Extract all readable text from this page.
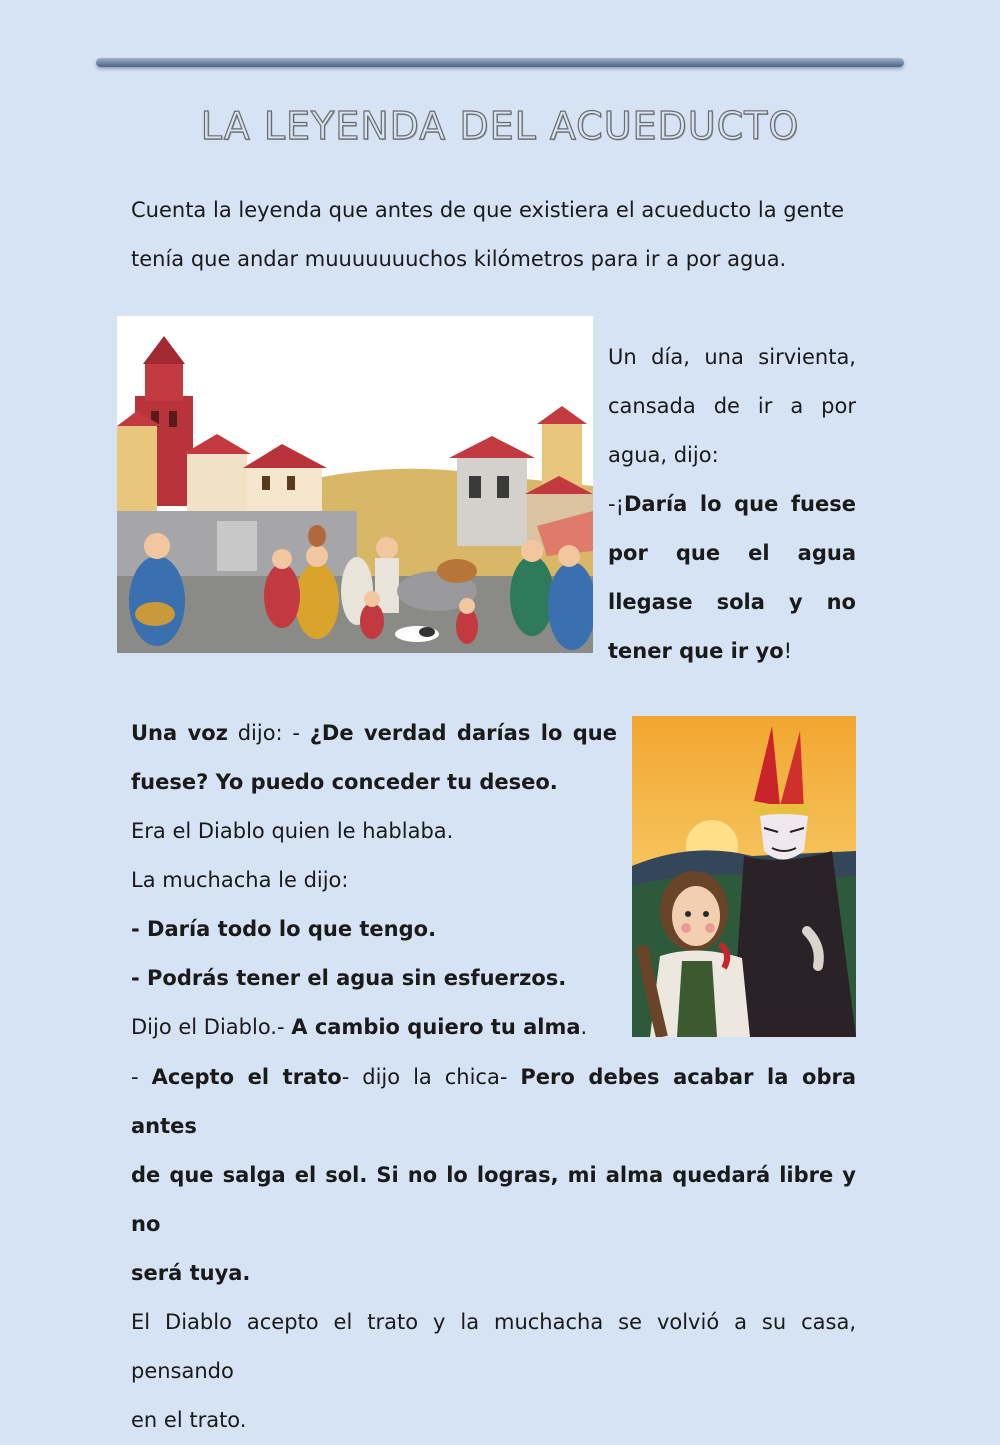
LA LEYENDA DEL ACUEDUCTO

Cuenta la leyenda que antes de que existiera el acueducto la gente
tenía que andar muuuuuuuchos kilómetros para ir a por agua.

Un día, una sirvienta,
cansada de ir a por
agua, dijo:
-¡Daría lo que fuese
por que el agua
llegase sola y no
tener que ir yo!

Una voz dijo: - ¿De verdad darías lo que
fuese? Yo puedo conceder tu deseo.
Era el Diablo quien le hablaba.
La muchacha le dijo:
- Daría todo lo que tengo.
- Podrás tener el agua sin esfuerzos.
Dijo el Diablo.- A cambio quiero tu alma.

- Acepto el trato- dijo la chica- Pero debes acabar la obra antes
de que salga el sol. Si no lo logras, mi alma quedará libre y no
será tuya.
El Diablo acepto el trato y la muchacha se volvió a su casa, pensando
en el trato.
